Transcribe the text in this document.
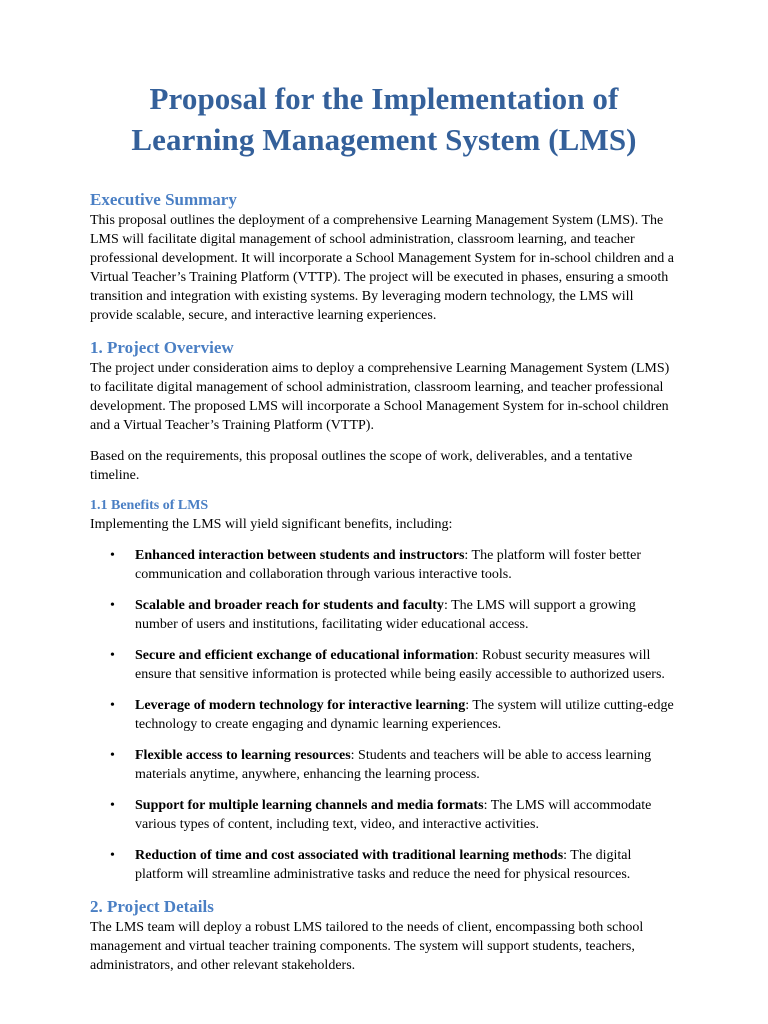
Proposal for the Implementation of Learning Management System (LMS)
Executive Summary

This proposal outlines the deployment of a comprehensive Learning Management System (LMS). The LMS will facilitate digital management of school administration, classroom learning, and teacher professional development. It will incorporate a School Management System for in-school children and a Virtual Teacher’s Training Platform (VTTP). The project will be executed in phases, ensuring a smooth transition and integration with existing systems. By leveraging modern technology, the LMS will provide scalable, secure, and interactive learning experiences.

1. Project Overview

The project under consideration aims to deploy a comprehensive Learning Management System (LMS) to facilitate digital management of school administration, classroom learning, and teacher professional development. The proposed LMS will incorporate a School Management System for in-school children and a Virtual Teacher’s Training Platform (VTTP).

Based on the requirements, this proposal outlines the scope of work, deliverables, and a tentative timeline.

1.1 Benefits of LMS

Implementing the LMS will yield significant benefits, including:

• Enhanced interaction between students and instructors: The platform will foster better communication and collaboration through various interactive tools.
• Scalable and broader reach for students and faculty: The LMS will support a growing number of users and institutions, facilitating wider educational access.
• Secure and efficient exchange of educational information: Robust security measures will ensure that sensitive information is protected while being easily accessible to authorized users.
• Leverage of modern technology for interactive learning: The system will utilize cutting-edge technology to create engaging and dynamic learning experiences.
• Flexible access to learning resources: Students and teachers will be able to access learning materials anytime, anywhere, enhancing the learning process.
• Support for multiple learning channels and media formats: The LMS will accommodate various types of content, including text, video, and interactive activities.
• Reduction of time and cost associated with traditional learning methods: The digital platform will streamline administrative tasks and reduce the need for physical resources.
2. Project Details

The LMS team will deploy a robust LMS tailored to the needs of client, encompassing both school management and virtual teacher training components. The system will support students, teachers, administrators, and other relevant stakeholders.
